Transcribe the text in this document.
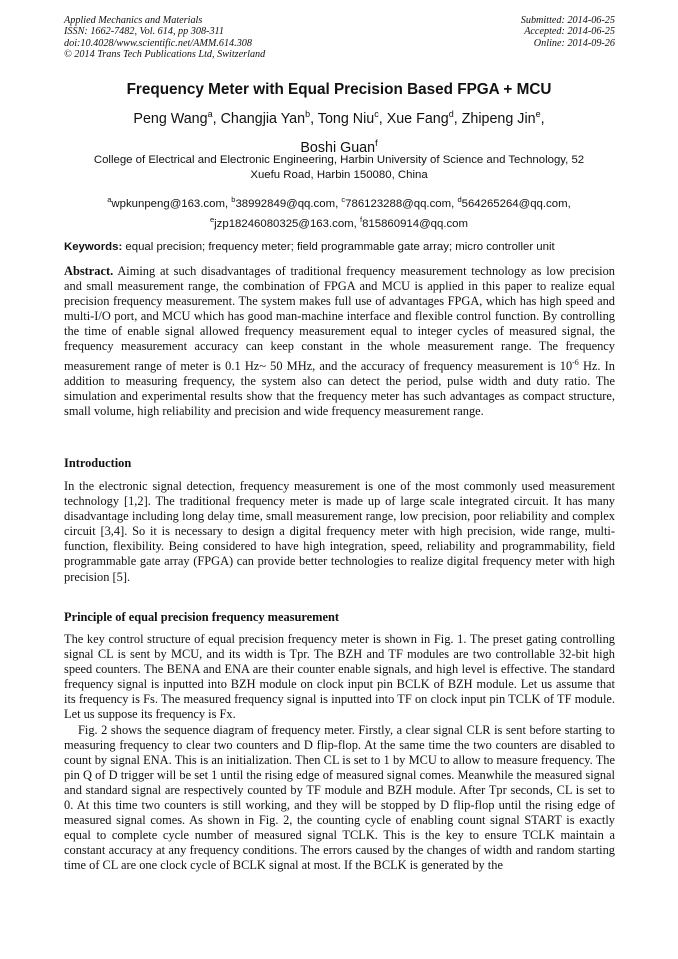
Applied Mechanics and Materials
ISSN: 1662-7482, Vol. 614, pp 308-311
doi:10.4028/www.scientific.net/AMM.614.308
© 2014 Trans Tech Publications Ltd, Switzerland
Submitted: 2014-06-25
Accepted: 2014-06-25
Online: 2014-09-26
Frequency Meter with Equal Precision Based FPGA + MCU
Peng Wang$^a$, Changjia Yan$^b$, Tong Niu$^c$, Xue Fang$^d$, Zhipeng Jin$^e$,
Boshi Guan$^f$
College of Electrical and Electronic Engineering, Harbin University of Science and Technology, 52
Xuefu Road, Harbin 150080, China
$^a$wpkunpeng@163.com, $^b$38992849@qq.com, $^c$786123288@qq.com, $^d$564265264@qq.com,
$^e$jzp18246080325@163.com, $^f$815860914@qq.com
Keywords: equal precision; frequency meter; field programmable gate array; micro controller unit

Abstract. Aiming at such disadvantages of traditional frequency measurement technology as low precision and small measurement range, the combination of FPGA and MCU is applied in this paper to realize equal precision frequency measurement. The system makes full use of advantages FPGA, which has high speed and multi-I/O port, and MCU which has good man-machine interface and flexible control function. By controlling the time of enable signal allowed frequency measurement equal to integer cycles of measured signal, the frequency measurement accuracy can keep constant in the whole measurement range. The frequency measurement range of meter is 0.1 Hz~ 50 MHz, and the accuracy of frequency measurement is $10^{-6}$ Hz. In addition to measuring frequency, the system also can detect the period, pulse width and duty ratio. The simulation and experimental results show that the frequency meter has such advantages as compact structure, small volume, high reliability and precision and wide frequency measurement range.

Introduction

In the electronic signal detection, frequency measurement is one of the most commonly used measurement technology [1,2]. The traditional frequency meter is made up of large scale integrated circuit. It has many disadvantage including long delay time, small measurement range, low precision, poor reliability and complex circuit [3,4]. So it is necessary to design a digital frequency meter with high precision, wide range, multi-function, flexibility. Being considered to have high integration, speed, reliability and programmability, field programmable gate array (FPGA) can provide better technologies to realize digital frequency meter with high precision [5].

Principle of equal precision frequency measurement

The key control structure of equal precision frequency meter is shown in Fig. 1. The preset gating controlling signal CL is sent by MCU, and its width is Tpr. The BZH and TF modules are two controllable 32-bit high speed counters. The BENA and ENA are their counter enable signals, and high level is effective. The standard frequency signal is inputted into BZH module on clock input pin BCLK of BZH module. Let us assume that its frequency is Fs. The measured frequency signal is inputted into TF on clock input pin TCLK of TF module. Let us suppose its frequency is Fx.

Fig. 2 shows the sequence diagram of frequency meter. Firstly, a clear signal CLR is sent before starting to measuring frequency to clear two counters and D flip-flop. At the same time the two counters are disabled to count by signal ENA. This is an initialization. Then CL is set to 1 by MCU to allow to measure frequency. The pin Q of D trigger will be set 1 until the rising edge of measured signal comes. Meanwhile the measured signal and standard signal are respectively counted by TF module and BZH module. After Tpr seconds, CL is set to 0. At this time two counters is still working, and they will be stopped by D flip-flop until the rising edge of measured signal comes. As shown in Fig. 2, the counting cycle of enabling count signal START is exactly equal to complete cycle number of measured signal TCLK. This is the key to ensure TCLK maintain a constant accuracy at any frequency conditions. The errors caused by the changes of width and random starting time of CL are one clock cycle of BCLK signal at most. If the BCLK is generated by the
